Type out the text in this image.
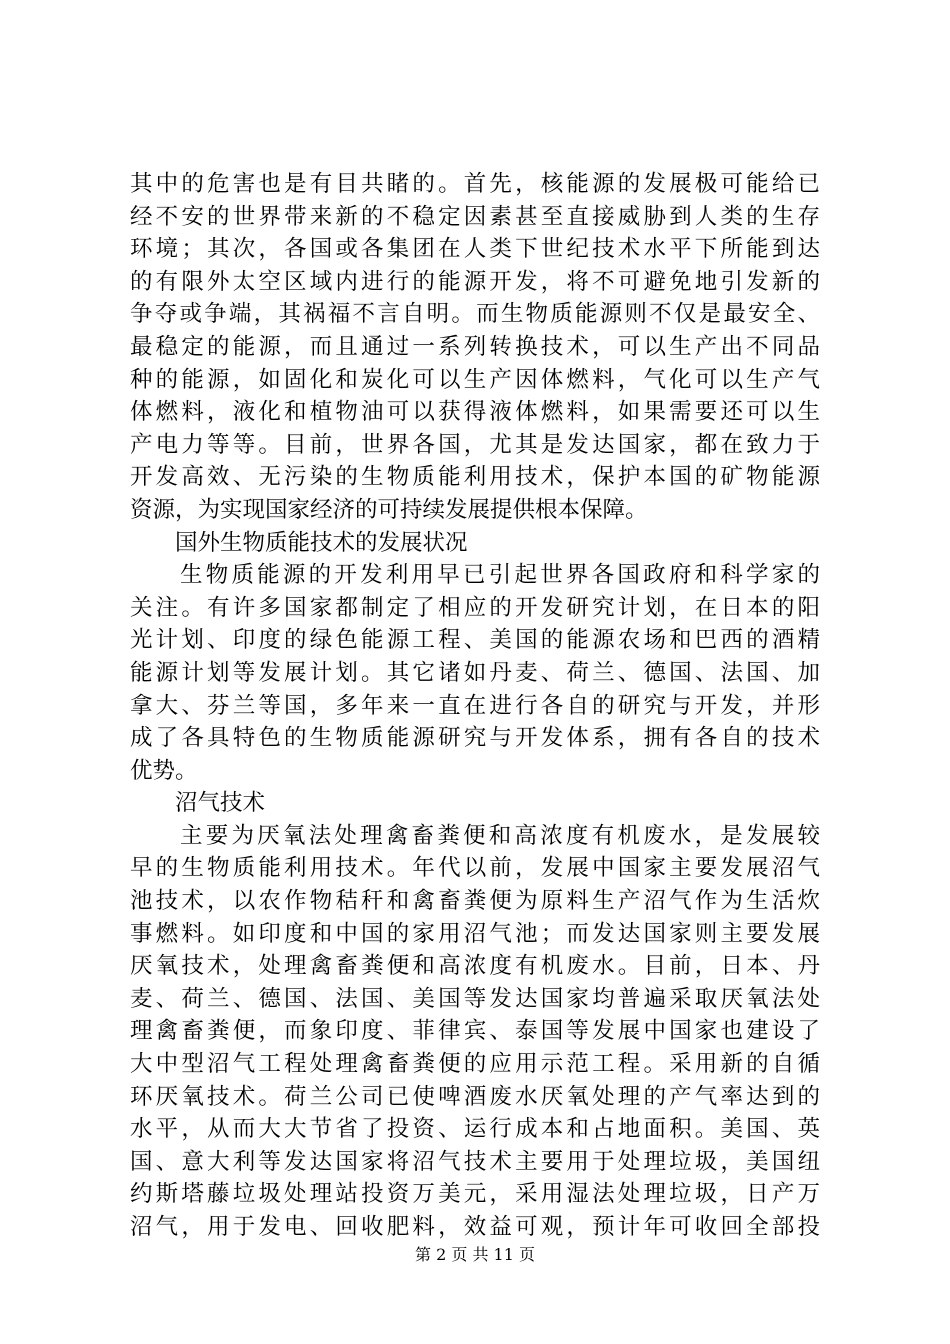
其中的危害也是有目共睹的。首先，核能源的发展极可能给已
经不安的世界带来新的不稳定因素甚至直接威胁到人类的生存
环境；其次，各国或各集团在人类下世纪技术水平下所能到达
的有限外太空区域内进行的能源开发，将不可避免地引发新的
争夺或争端，其祸福不言自明。而生物质能源则不仅是最安全、
最稳定的能源，而且通过一系列转换技术，可以生产出不同品
种的能源，如固化和炭化可以生产因体燃料，气化可以生产气
体燃料，液化和植物油可以获得液体燃料，如果需要还可以生
产电力等等。目前，世界各国，尤其是发达国家，都在致力于
开发高效、无污染的生物质能利用技术，保护本国的矿物能源
资源，为实现国家经济的可持续发展提供根本保障。
国外生物质能技术的发展状况
生物质能源的开发利用早已引起世界各国政府和科学家的
关注。有许多国家都制定了相应的开发研究计划，在日本的阳
光计划、印度的绿色能源工程、美国的能源农场和巴西的酒精
能源计划等发展计划。其它诸如丹麦、荷兰、德国、法国、加
拿大、芬兰等国，多年来一直在进行各自的研究与开发，并形
成了各具特色的生物质能源研究与开发体系，拥有各自的技术
优势。
沼气技术
主要为厌氧法处理禽畜粪便和高浓度有机废水，是发展较
早的生物质能利用技术。年代以前，发展中国家主要发展沼气
池技术，以农作物秸秆和禽畜粪便为原料生产沼气作为生活炊
事燃料。如印度和中国的家用沼气池；而发达国家则主要发展
厌氧技术，处理禽畜粪便和高浓度有机废水。目前，日本、丹
麦、荷兰、德国、法国、美国等发达国家均普遍采取厌氧法处
理禽畜粪便，而象印度、菲律宾、泰国等发展中国家也建设了
大中型沼气工程处理禽畜粪便的应用示范工程。采用新的自循
环厌氧技术。荷兰公司已使啤酒废水厌氧处理的产气率达到的
水平，从而大大节省了投资、运行成本和占地面积。美国、英
国、意大利等发达国家将沼气技术主要用于处理垃圾，美国纽
约斯塔藤垃圾处理站投资万美元，采用湿法处理垃圾，日产万
沼气，用于发电、回收肥料，效益可观，预计年可收回全部投
第 2 页 共 11 页
